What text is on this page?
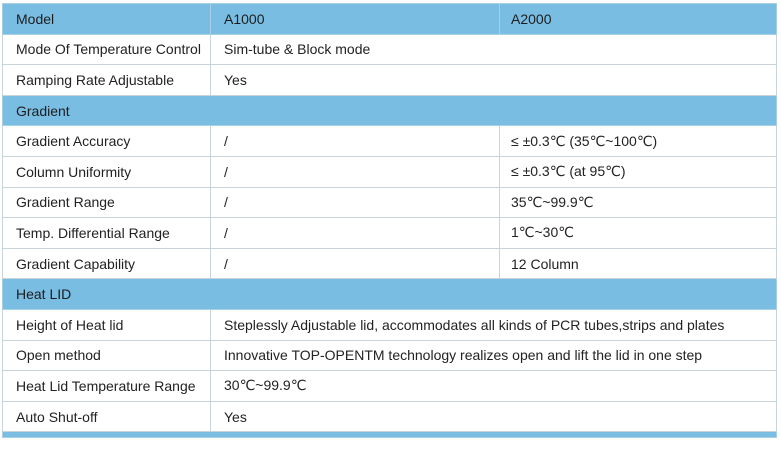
Model	A1000	A2000
Mode Of Temperature Control	Sim-tube & Block mode	
Ramping Rate Adjustable	Yes	
Gradient		
Gradient Accuracy	/	≤ ±0.3℃ (35℃~100℃)
Column Uniformity	/	≤ ±0.3℃ (at 95℃)
Gradient Range	/	35℃~99.9℃
Temp. Differential Range	/	1℃~30℃
Gradient Capability	/	12 Column
Heat LID		
Height of Heat lid	Steplessly Adjustable lid, accommodates all kinds of PCR tubes,strips and plates	
Open method	Innovative TOP-OPENTM technology realizes open and lift the lid in one step	
Heat Lid Temperature Range	30℃~99.9℃	
Auto Shut-off	Yes	
